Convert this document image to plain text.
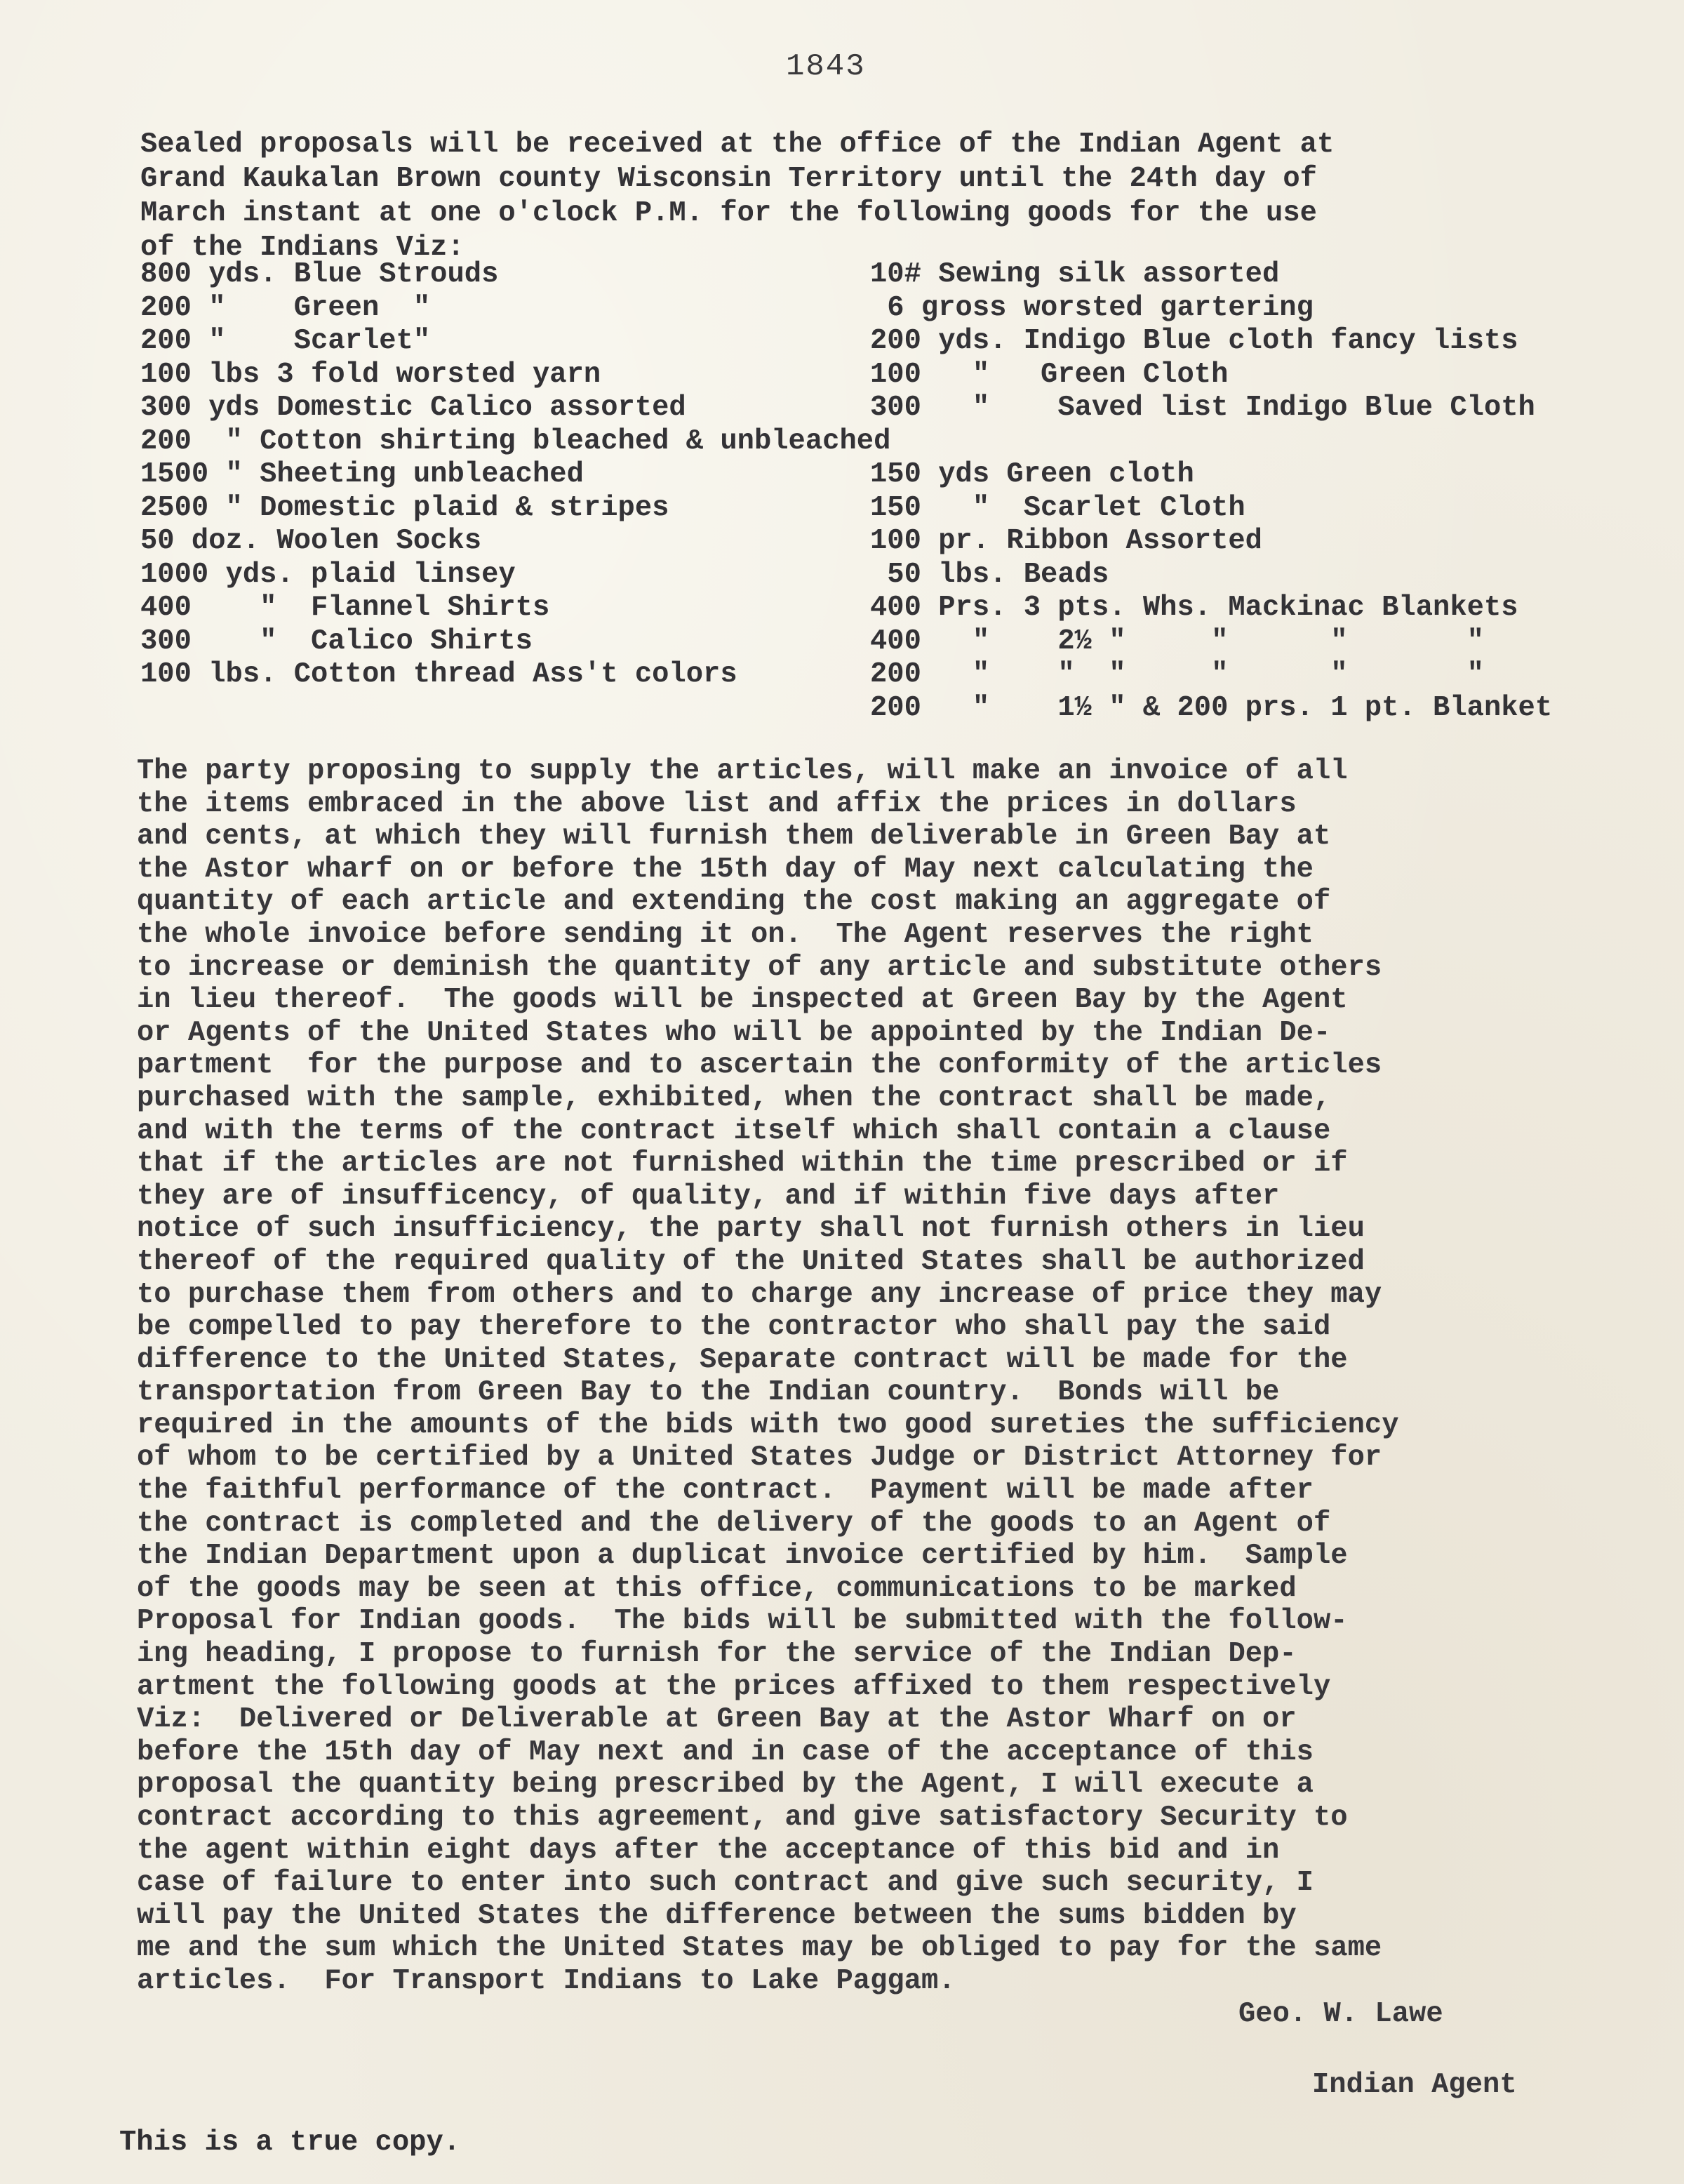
1843

Sealed proposals will be received at the office of the Indian Agent at
Grand Kaukalan Brown county Wisconsin Territory until the 24th day of
March instant at one o'clock P.M. for the following goods for the use
of the Indians Viz:

800 yds. Blue Strouds
200 "    Green  "
200 "    Scarlet"
100 lbs 3 fold worsted yarn
300 yds Domestic Calico assorted
200  " Cotton shirting bleached & unbleached
1500 " Sheeting unbleached
2500 " Domestic plaid & stripes
50 doz. Woolen Socks
1000 yds. plaid linsey
400    "  Flannel Shirts
300    "  Calico Shirts
100 lbs. Cotton thread Ass't colors
10# Sewing silk assorted
6 gross worsted gartering
200 yds. Indigo Blue cloth fancy lists
100   "   Green Cloth
300   "    Saved list Indigo Blue Cloth
150 yds Green cloth
150   "  Scarlet Cloth
100 pr. Ribbon Assorted
50 lbs. Beads
400 Prs. 3 pts. Whs. Mackinac Blankets
400   "    2½ "     "      "       "
200   "    "  "     "      "       "
200   "    1½ " & 200 prs. 1 pt. Blanket

The party proposing to supply the articles, will make an invoice of all
the items embraced in the above list and affix the prices in dollars
and cents, at which they will furnish them deliverable in Green Bay at
the Astor wharf on or before the 15th day of May next calculating the
quantity of each article and extending the cost making an aggregate of
the whole invoice before sending it on.  The Agent reserves the right
to increase or deminish the quantity of any article and substitute others
in lieu thereof.  The goods will be inspected at Green Bay by the Agent
or Agents of the United States who will be appointed by the Indian De-
partment  for the purpose and to ascertain the conformity of the articles
purchased with the sample, exhibited, when the contract shall be made,
and with the terms of the contract itself which shall contain a clause
that if the articles are not furnished within the time prescribed or if
they are of insufficency, of quality, and if within five days after
notice of such insufficiency, the party shall not furnish others in lieu
thereof of the required quality of the United States shall be authorized
to purchase them from others and to charge any increase of price they may
be compelled to pay therefore to the contractor who shall pay the said
difference to the United States, Separate contract will be made for the
transportation from Green Bay to the Indian country.  Bonds will be
required in the amounts of the bids with two good sureties the sufficiency
of whom to be certified by a United States Judge or District Attorney for
the faithful performance of the contract.  Payment will be made after
the contract is completed and the delivery of the goods to an Agent of
the Indian Department upon a duplicat invoice certified by him.  Sample
of the goods may be seen at this office, communications to be marked
Proposal for Indian goods.  The bids will be submitted with the follow-
ing heading, I propose to furnish for the service of the Indian Dep-
artment the following goods at the prices affixed to them respectively
Viz:  Delivered or Deliverable at Green Bay at the Astor Wharf on or
before the 15th day of May next and in case of the acceptance of this
proposal the quantity being prescribed by the Agent, I will execute a
contract according to this agreement, and give satisfactory Security to
the agent within eight days after the acceptance of this bid and in
case of failure to enter into such contract and give such security, I
will pay the United States the difference between the sums bidden by
me and the sum which the United States may be obliged to pay for the same
articles.  For Transport Indians to Lake Paggam.

Geo. W. Lawe
Indian Agent
This is a true copy.
